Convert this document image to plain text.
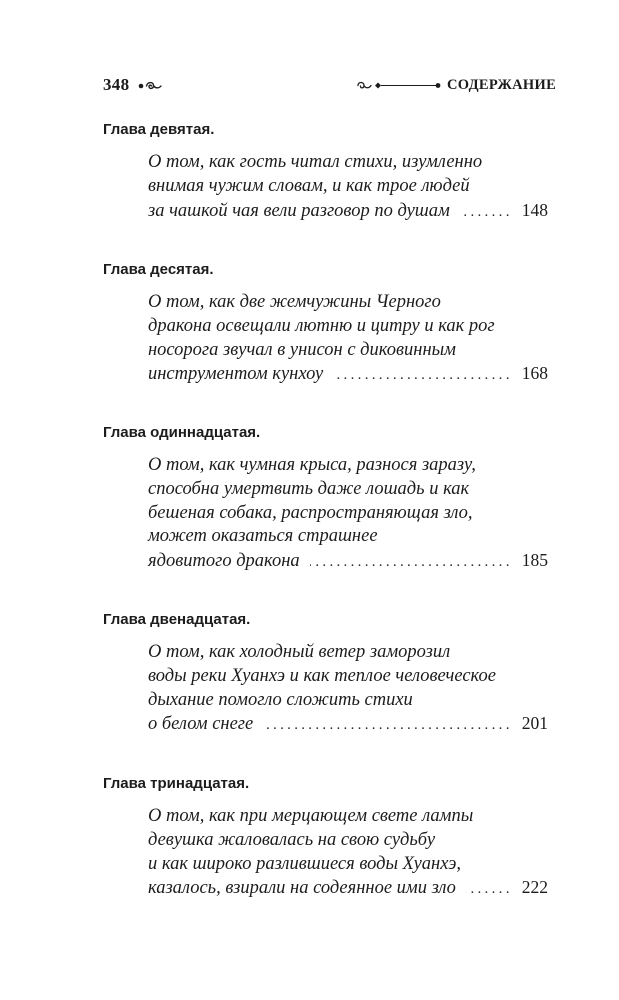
348	СОДЕРЖАНИЕ
Глава девятая.
О том, как гость читал стихи, изумленно
внимая чужим словам, и как трое людей
за чашкой чая вели разговор по душам .....	148
Глава десятая.
О том, как две жемчужины Черного
дракона освещали лютню и цитру и как рог
носорога звучал в унисон с диковинным
инструментом кунхоу .....	168
Глава одиннадцатая.
О том, как чумная крыса, разнося заразу,
способна умертвить даже лошадь и как
бешеная собака, распространяющая зло,
может оказаться страшнее
ядовитого дракона .....	185
Глава двенадцатая.
О том, как холодный ветер заморозил
воды реки Хуанхэ и как теплое человеческое
дыхание помогло сложить стихи
о белом снеге .....	201
Глава тринадцатая.
О том, как при мерцающем свете лампы
девушка жаловалась на свою судьбу
и как широко разлившиеся воды Хуанхэ,
казалось, взирали на содеянное ими зло .....	222
